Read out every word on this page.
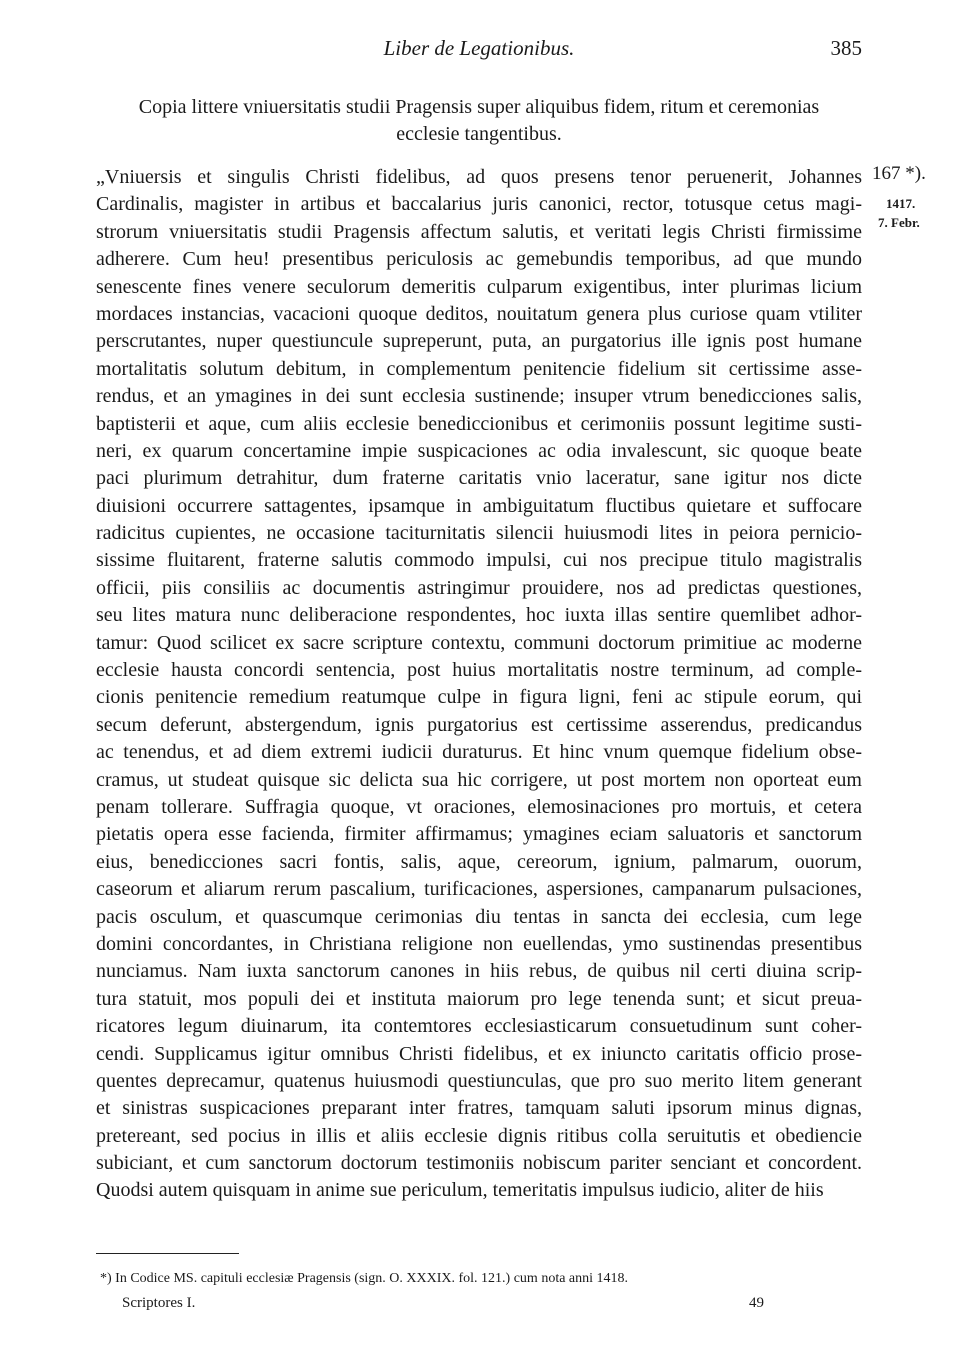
Liber de Legationibus.	385
Copia littere vniuersitatis studii Pragensis super aliquibus fidem, ritum et ceremonias
ecclesie tangentibus.
167 *).
1417.
7. Febr.
„Vniuersis et singulis Christi fidelibus, ad quos presens tenor peruenerit, Johannes
Cardinalis, magister in artibus et baccalarius juris canonici, rector, totusque cetus magi-
strorum vniuersitatis studii Pragensis affectum salutis, et veritati legis Christi firmissime
adherere. Cum heu! presentibus periculosis ac gemebundis temporibus, ad que mundo
senescente fines venere seculorum demeritis culparum exigentibus, inter plurimas licium
mordaces instancias, vacacioni quoque deditos, nouitatum genera plus curiose quam vtiliter
perscrutantes, nuper questiuncule supreperunt, puta, an purgatorius ille ignis post humane
mortalitatis solutum debitum, in complementum penitencie fidelium sit certissime asse-
rendus, et an ymagines in dei sunt ecclesia sustinende; insuper vtrum benedicciones salis,
baptisterii et aque, cum aliis ecclesie benediccionibus et cerimoniis possunt legitime susti-
neri, ex quarum concertamine impie suspicaciones ac odia invalescunt, sic quoque beate
paci plurimum detrahitur, dum fraterne caritatis vnio laceratur, sane igitur nos dicte
diuisioni occurrere sattagentes, ipsamque in ambiguitatum fluctibus quietare et suffocare
radicitus cupientes, ne occasione taciturnitatis silencii huiusmodi lites in peiora pernicio-
sissime fluitarent, fraterne salutis commodo impulsi, cui nos precipue titulo magistralis
officii, piis consiliis ac documentis astringimur prouidere, nos ad predictas questiones,
seu lites matura nunc deliberacione respondentes, hoc iuxta illas sentire quemlibet adhor-
tamur: Quod scilicet ex sacre scripture contextu, communi doctorum primitiue ac moderne
ecclesie hausta concordi sentencia, post huius mortalitatis nostre terminum, ad comple-
cionis penitencie remedium reatumque culpe in figura ligni, feni ac stipule eorum, qui
secum deferunt, abstergendum, ignis purgatorius est certissime asserendus, predicandus
ac tenendus, et ad diem extremi iudicii duraturus. Et hinc vnum quemque fidelium obse-
cramus, ut studeat quisque sic delicta sua hic corrigere, ut post mortem non oporteat eum
penam tollerare. Suffragia quoque, vt oraciones, elemosinaciones pro mortuis, et cetera
pietatis opera esse facienda, firmiter affirmamus; ymagines eciam saluatoris et sanctorum
eius, benedicciones sacri fontis, salis, aque, cereorum, ignium, palmarum, ouorum,
caseorum et aliarum rerum pascalium, turificaciones, aspersiones, campanarum pulsaciones,
pacis osculum, et quascumque cerimonias diu tentas in sancta dei ecclesia, cum lege
domini concordantes, in Christiana religione non euellendas, ymo sustinendas presentibus
nunciamus. Nam iuxta sanctorum canones in hiis rebus, de quibus nil certi diuina scrip-
tura statuit, mos populi dei et instituta maiorum pro lege tenenda sunt; et sicut preua-
ricatores legum diuinarum, ita contemtores ecclesiasticarum consuetudinum sunt coher-
cendi. Supplicamus igitur omnibus Christi fidelibus, et ex iniuncto caritatis officio prose-
quentes deprecamur, quatenus huiusmodi questiunculas, que pro suo merito litem generant
et sinistras suspicaciones preparant inter fratres, tamquam saluti ipsorum minus dignas,
pretereant, sed pocius in illis et aliis ecclesie dignis ritibus colla seruitutis et obediencie
subiciant, et cum sanctorum doctorum testimoniis nobiscum pariter senciant et concordent.
Quodsi autem quisquam in anime sue periculum, temeritatis impulsus iudicio, aliter de hiis
*) In Codice MS. capituli ecclesiæ Pragensis (sign. O. XXXIX. fol. 121.) cum nota anni 1418.
Scriptores I.	49
